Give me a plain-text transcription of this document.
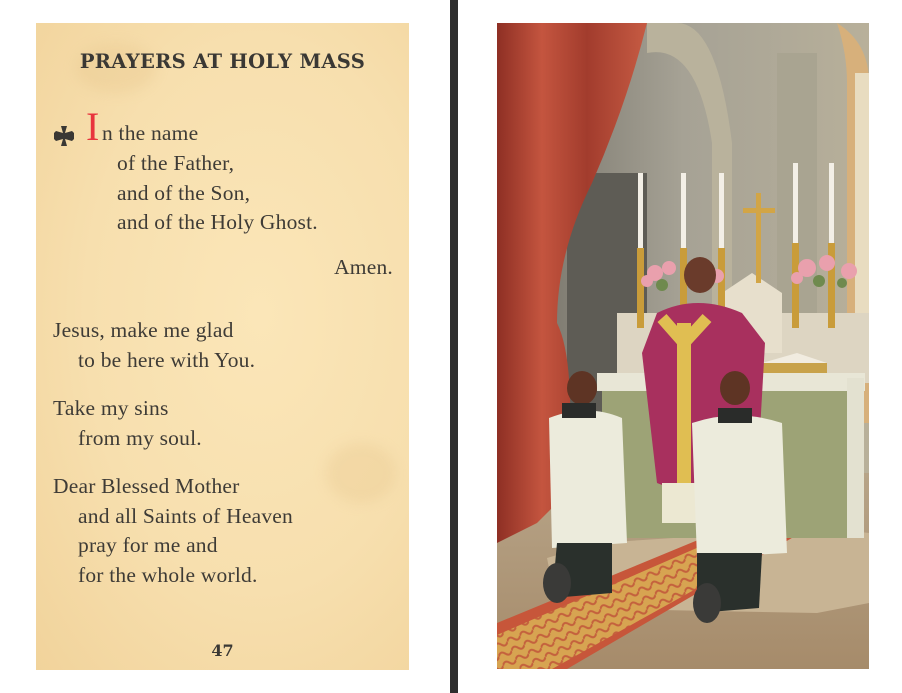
PRAYERS AT HOLY MASS
I n the name
of the Father,
and of the Son,
and of the Holy Ghost.
Amen.
Jesus, make me glad
to be here with You.
Take my sins
from my soul.
Dear Blessed Mother
and all Saints of Heaven
pray for me and
for the whole world.
47
